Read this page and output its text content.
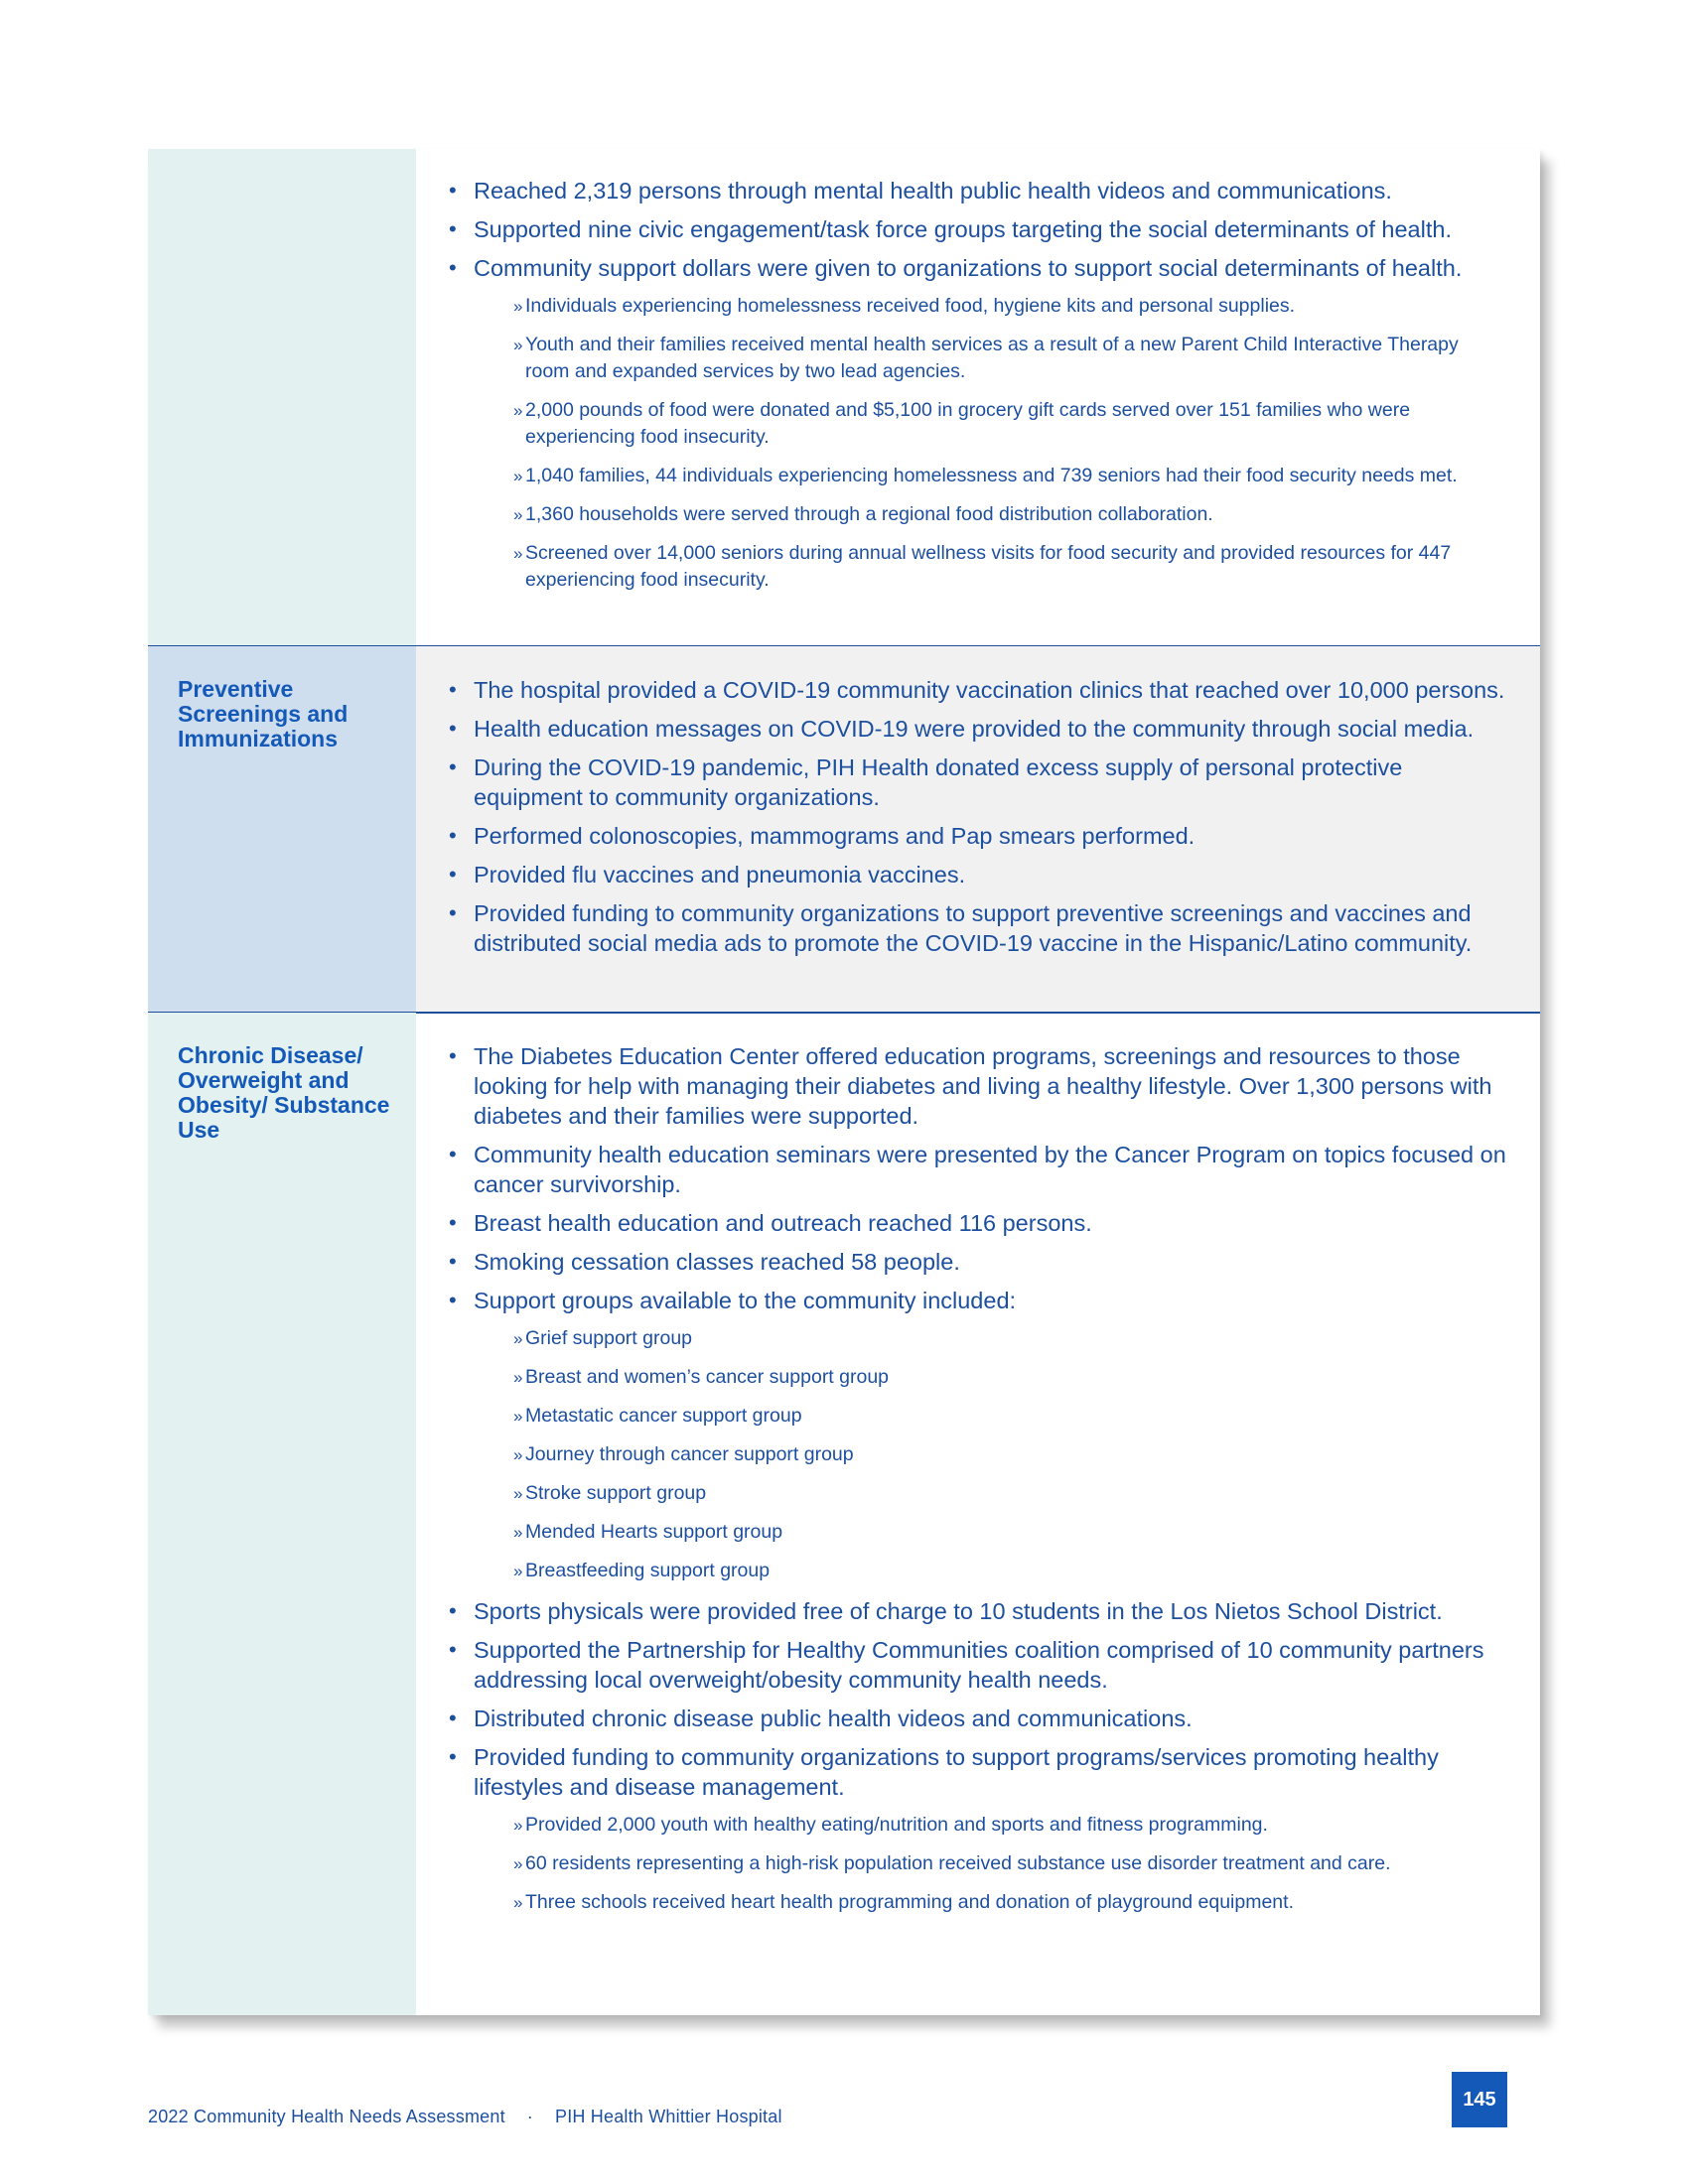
• Reached 2,319 persons through mental health public health videos and communications.
• Supported nine civic engagement/task force groups targeting the social determinants of health.
• Community support dollars were given to organizations to support social determinants of health.
» Individuals experiencing homelessness received food, hygiene kits and personal supplies.
» Youth and their families received mental health services as a result of a new Parent Child Interactive Therapy room and expanded services by two lead agencies.
» 2,000 pounds of food were donated and $5,100 in grocery gift cards served over 151 families who were experiencing food insecurity.
» 1,040 families, 44 individuals experiencing homelessness and 739 seniors had their food security needs met.
» 1,360 households were served through a regional food distribution collaboration.
» Screened over 14,000 seniors during annual wellness visits for food security and provided resources for 447 experiencing food insecurity.
Preventive Screenings and Immunizations
• The hospital provided a COVID-19 community vaccination clinics that reached over 10,000 persons.
• Health education messages on COVID-19 were provided to the community through social media.
• During the COVID-19 pandemic, PIH Health donated excess supply of personal protective equipment to community organizations.
• Performed colonoscopies, mammograms and Pap smears performed.
• Provided flu vaccines and pneumonia vaccines.
• Provided funding to community organizations to support preventive screenings and vaccines and distributed social media ads to promote the COVID-19 vaccine in the Hispanic/Latino community.
Chronic Disease/ Overweight and Obesity/ Substance Use
• The Diabetes Education Center offered education programs, screenings and resources to those looking for help with managing their diabetes and living a healthy lifestyle. Over 1,300 persons with diabetes and their families were supported.
• Community health education seminars were presented by the Cancer Program on topics focused on cancer survivorship.
• Breast health education and outreach reached 116 persons.
• Smoking cessation classes reached 58 people.
• Support groups available to the community included:
» Grief support group
» Breast and women’s cancer support group
» Metastatic cancer support group
» Journey through cancer support group
» Stroke support group
» Mended Hearts support group
» Breastfeeding support group
• Sports physicals were provided free of charge to 10 students in the Los Nietos School District.
• Supported the Partnership for Healthy Communities coalition comprised of 10 community partners addressing local overweight/obesity community health needs.
• Distributed chronic disease public health videos and communications.
• Provided funding to community organizations to support programs/services promoting healthy lifestyles and disease management.
» Provided 2,000 youth with healthy eating/nutrition and sports and fitness programming.
» 60 residents representing a high-risk population received substance use disorder treatment and care.
» Three schools received heart health programming and donation of playground equipment.
2022 Community Health Needs Assessment · PIH Health Whittier Hospital
145
